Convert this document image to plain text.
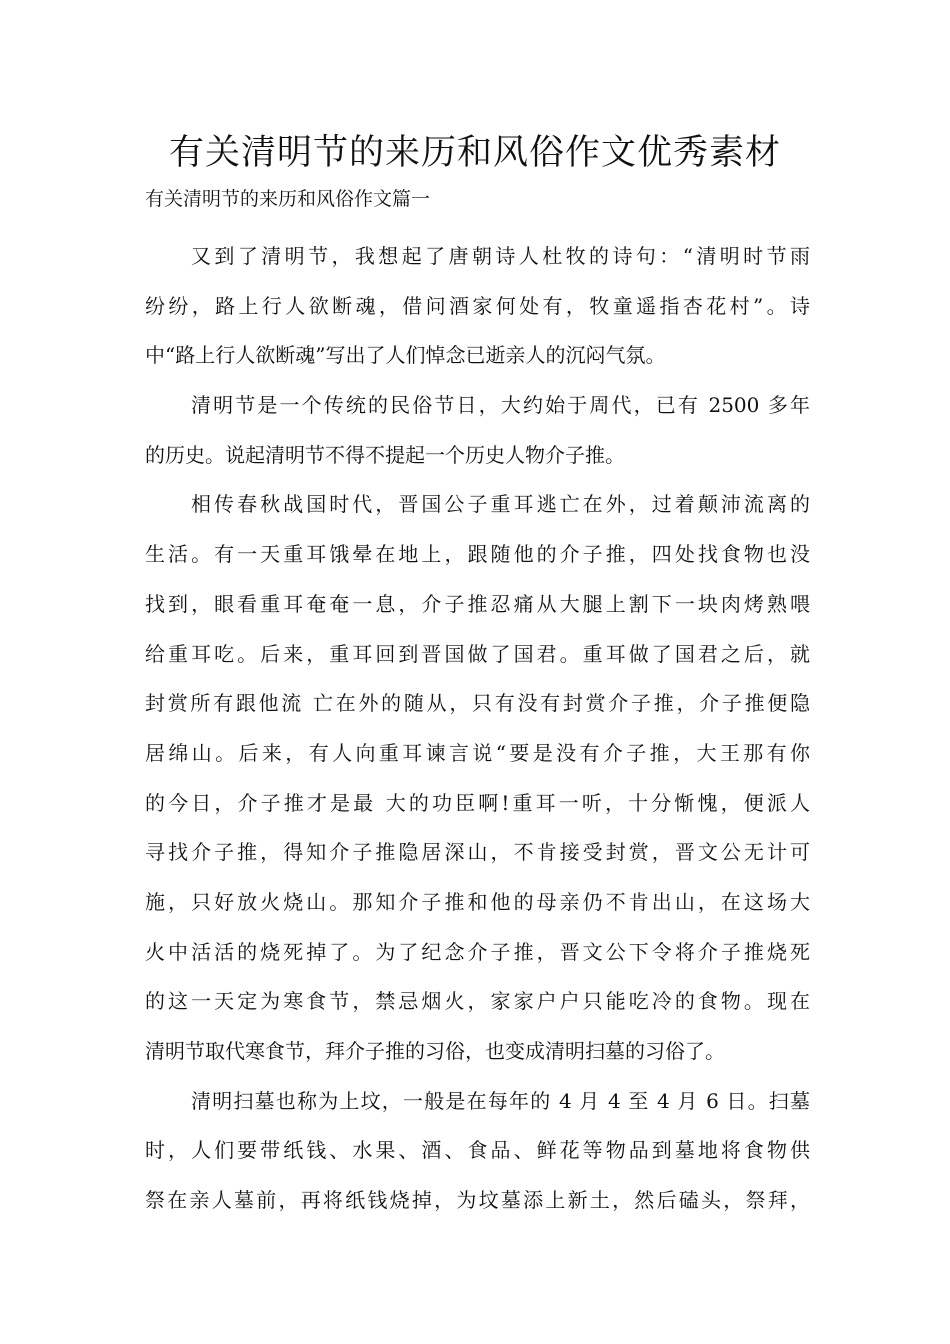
有关清明节的来历和风俗作文优秀素材
有关清明节的来历和风俗作文篇一

又到了清明节，我想起了唐朝诗人杜牧的诗句：“清明时节雨
纷纷，路上行人欲断魂，借问酒家何处有，牧童遥指杏花村”。诗
中“路上行人欲断魂”写出了人们悼念已逝亲人的沉闷气氛。

清明节是一个传统的民俗节日，大约始于周代，已有 2500 多年
的历史。说起清明节不得不提起一个历史人物介子推。

相传春秋战国时代，晋国公子重耳逃亡在外，过着颠沛流离的
生活。有一天重耳饿晕在地上，跟随他的介子推，四处找食物也没
找到，眼看重耳奄奄一息，介子推忍痛从大腿上割下一块肉烤熟喂
给重耳吃。后来，重耳回到晋国做了国君。重耳做了国君之后，就
封赏所有跟他流 亡在外的随从，只有没有封赏介子推，介子推便隐
居绵山。后来，有人向重耳谏言说“要是没有介子推，大王那有你
的今日，介子推才是最 大的功臣啊!重耳一听，十分惭愧，便派人
寻找介子推，得知介子推隐居深山，不肯接受封赏，晋文公无计可
施，只好放火烧山。那知介子推和他的母亲仍不肯出山，在这场大
火中活活的烧死掉了。为了纪念介子推，晋文公下令将介子推烧死
的这一天定为寒食节，禁忌烟火，家家户户只能吃冷的食物。现在
清明节取代寒食节，拜介子推的习俗，也变成清明扫墓的习俗了。

清明扫墓也称为上坟，一般是在每年的 4 月 4 至 4 月 6 日。扫墓
时，人们要带纸钱、水果、酒、食品、鲜花等物品到墓地将食物供
祭在亲人墓前，再将纸钱烧掉，为坟墓添上新土，然后磕头，祭拜，
